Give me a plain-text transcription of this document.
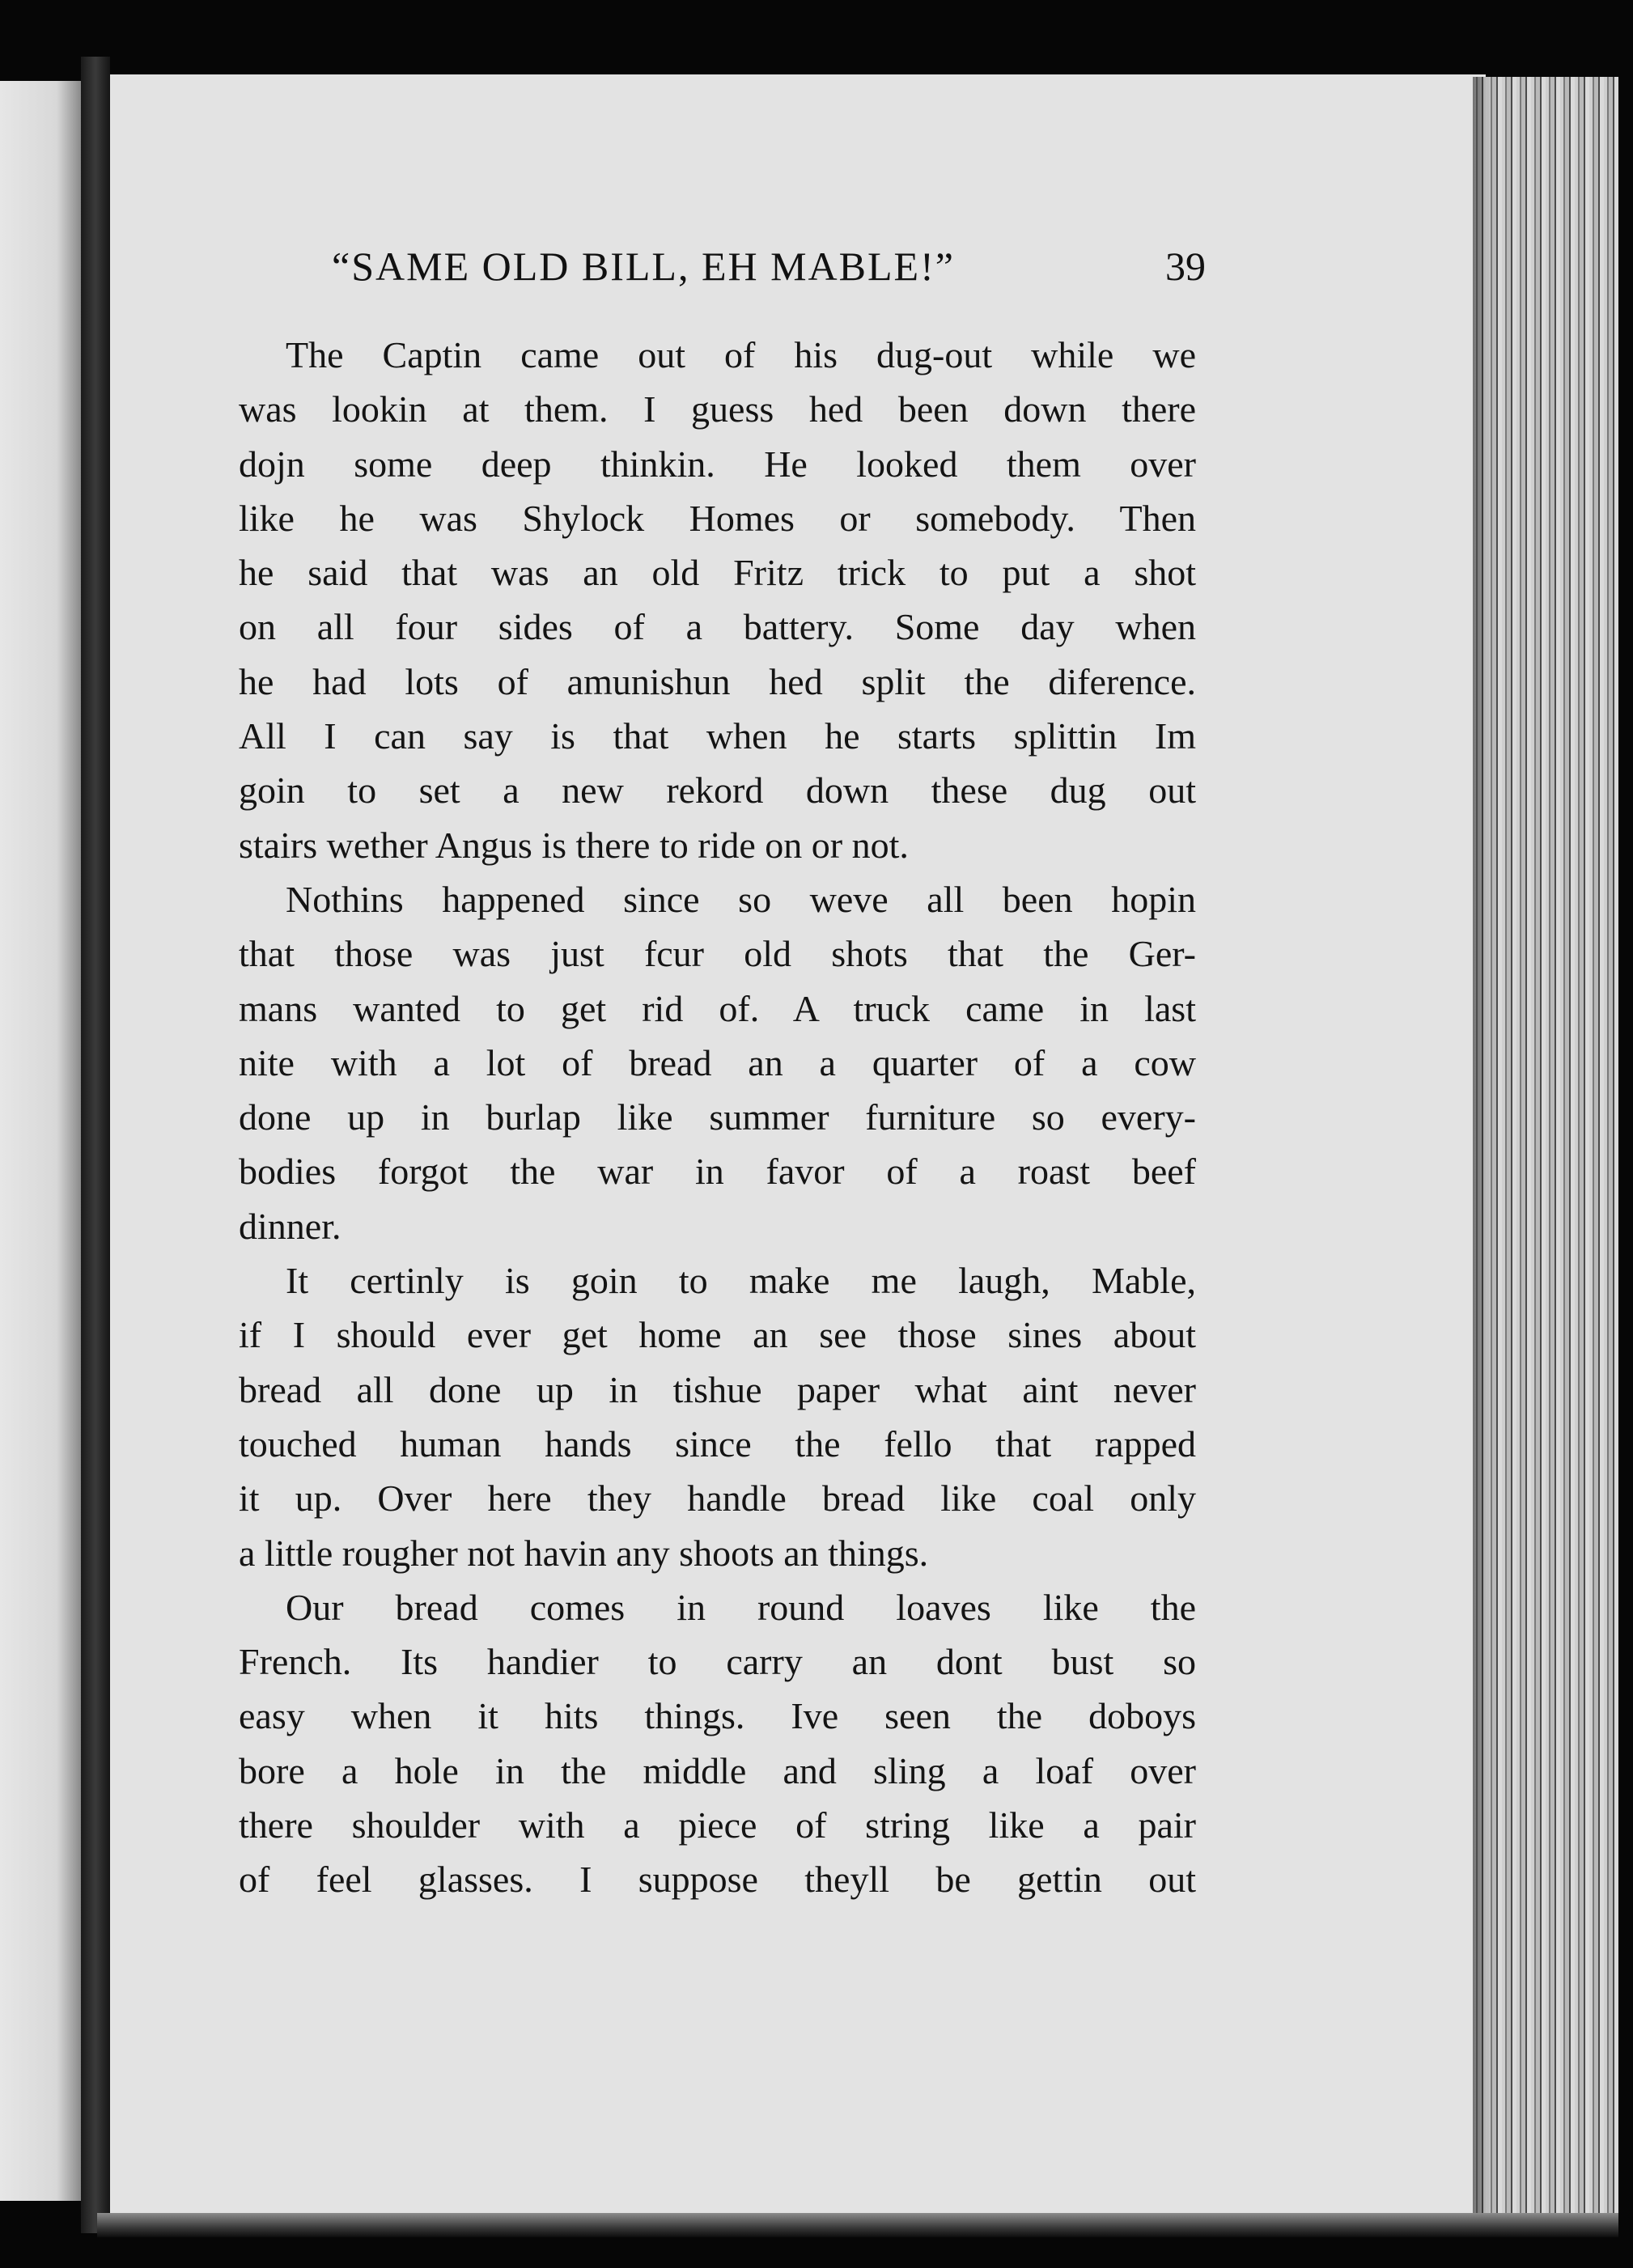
“SAME OLD BILL, EH MABLE!”	39
The Captin came out of his dug-out while we
was lookin at them. I guess hed been down there
dojn some deep thinkin. He looked them over
like he was Shylock Homes or somebody. Then
he said that was an old Fritz trick to put a shot
on all four sides of a battery. Some day when
he had lots of amunishun hed split the diference.
All I can say is that when he starts splittin Im
goin to set a new rekord down these dug out
stairs wether Angus is there to ride on or not.
Nothins happened since so weve all been hopin
that those was just fcur old shots that the Ger-
mans wanted to get rid of. A truck came in last
nite with a lot of bread an a quarter of a cow
done up in burlap like summer furniture so every-
bodies forgot the war in favor of a roast beef
dinner.
It certinly is goin to make me laugh, Mable,
if I should ever get home an see those sines about
bread all done up in tishue paper what aint never
touched human hands since the fello that rapped
it up. Over here they handle bread like coal only
a little rougher not havin any shoots an things.
Our bread comes in round loaves like the
French. Its handier to carry an dont bust so
easy when it hits things. Ive seen the doboys
bore a hole in the middle and sling a loaf over
there shoulder with a piece of string like a pair
of feel glasses. I suppose theyll be gettin out
